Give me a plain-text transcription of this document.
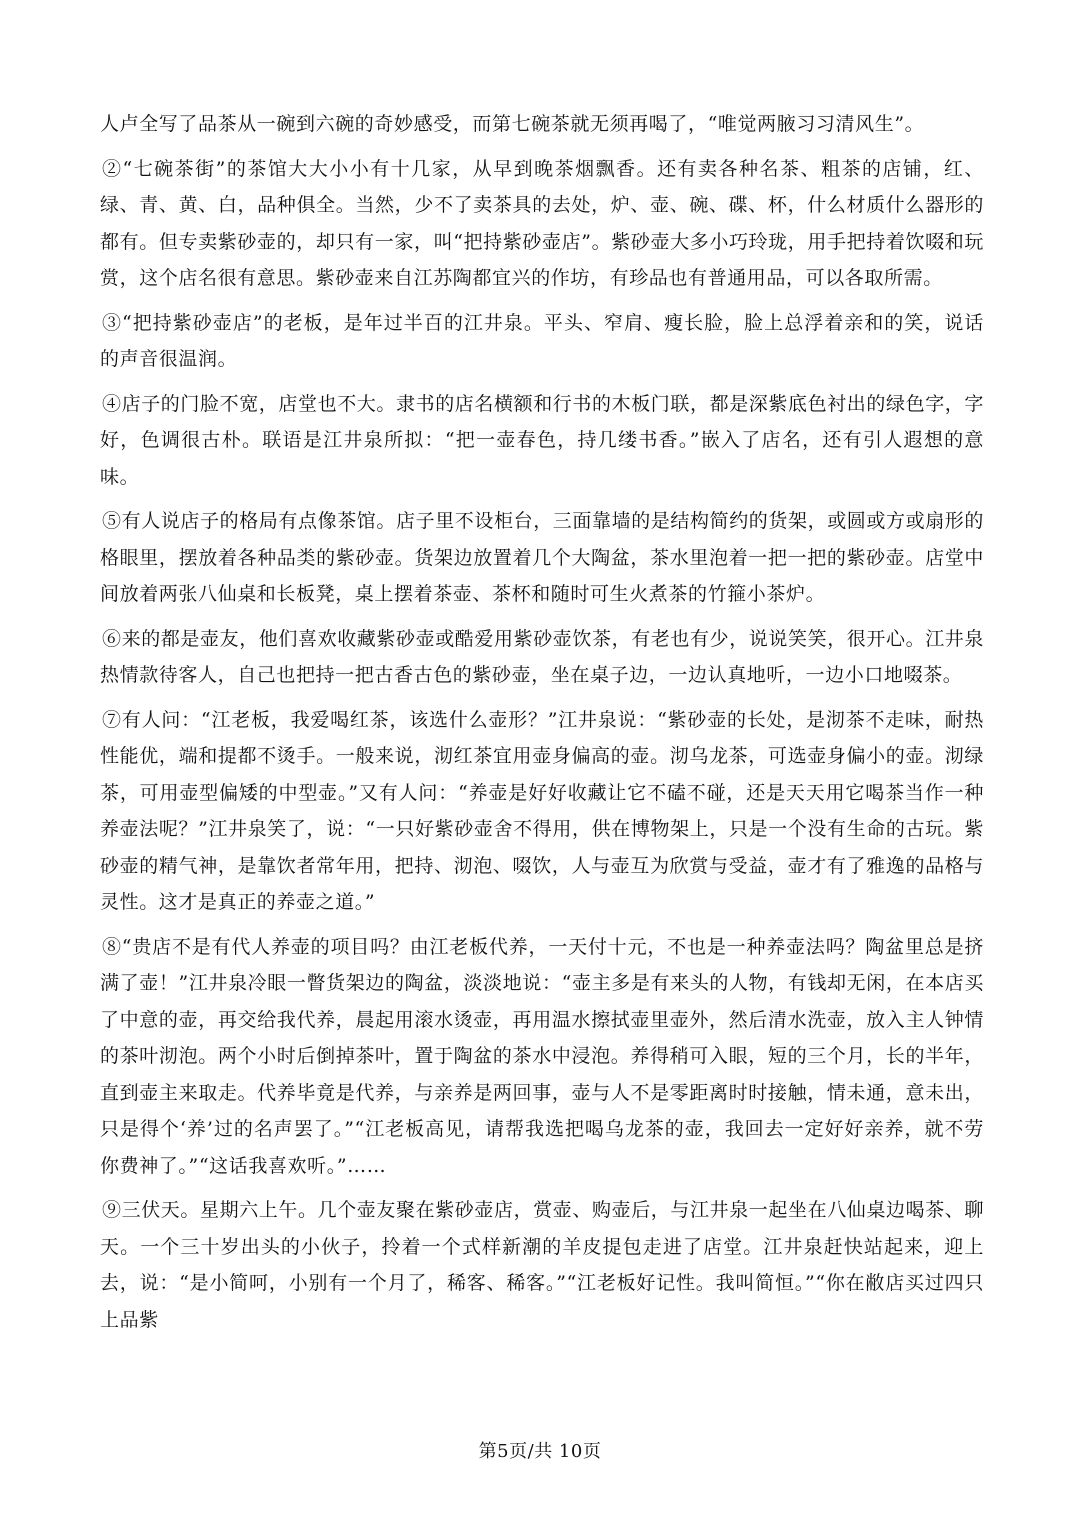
人卢全写了品茶从一碗到六碗的奇妙感受，而第七碗茶就无须再喝了，“唯觉两腋习习清风生”。

②“七碗茶街”的茶馆大大小小有十几家，从早到晚茶烟飘香。还有卖各种名茶、粗茶的店铺，红、绿、青、黄、白，品种俱全。当然，少不了卖茶具的去处，炉、壶、碗、碟、杯，什么材质什么器形的都有。但专卖紫砂壶的，却只有一家，叫“把持紫砂壶店”。紫砂壶大多小巧玲珑，用手把持着饮啜和玩赏，这个店名很有意思。紫砂壶来自江苏陶都宜兴的作坊，有珍品也有普通用品，可以各取所需。

③“把持紫砂壶店”的老板，是年过半百的江井泉。平头、窄肩、瘦长脸，脸上总浮着亲和的笑，说话的声音很温润。

④店子的门脸不宽，店堂也不大。隶书的店名横额和行书的木板门联，都是深紫底色衬出的绿色字，字好，色调很古朴。联语是江井泉所拟：“把一壶春色，持几缕书香。”嵌入了店名，还有引人遐想的意味。

⑤有人说店子的格局有点像茶馆。店子里不设柜台，三面靠墙的是结构简约的货架，或圆或方或扇形的格眼里，摆放着各种品类的紫砂壶。货架边放置着几个大陶盆，茶水里泡着一把一把的紫砂壶。店堂中间放着两张八仙桌和长板凳，桌上摆着茶壶、茶杯和随时可生火煮茶的竹箍小茶炉。

⑥来的都是壶友，他们喜欢收藏紫砂壶或酷爱用紫砂壶饮茶，有老也有少，说说笑笑，很开心。江井泉热情款待客人，自己也把持一把古香古色的紫砂壶，坐在桌子边，一边认真地听，一边小口地啜茶。

⑦有人问：“江老板，我爱喝红茶，该选什么壶形？”江井泉说：“紫砂壶的长处，是沏茶不走味，耐热性能优，端和提都不烫手。一般来说，沏红茶宜用壶身偏高的壶。沏乌龙茶，可选壶身偏小的壶。沏绿茶，可用壶型偏矮的中型壶。”又有人问：“养壶是好好收藏让它不磕不碰，还是天天用它喝茶当作一种养壶法呢？”江井泉笑了，说：“一只好紫砂壶舍不得用，供在博物架上，只是一个没有生命的古玩。紫砂壶的精气神，是靠饮者常年用，把持、沏泡、啜饮，人与壶互为欣赏与受益，壶才有了雅逸的品格与灵性。这才是真正的养壶之道。”

⑧“贵店不是有代人养壶的项目吗？由江老板代养，一天付十元，不也是一种养壶法吗？陶盆里总是挤满了壶！”江井泉冷眼一瞥货架边的陶盆，淡淡地说：“壶主多是有来头的人物，有钱却无闲，在本店买了中意的壶，再交给我代养，晨起用滚水烫壶，再用温水擦拭壶里壶外，然后清水洗壶，放入主人钟情的茶叶沏泡。两个小时后倒掉茶叶，置于陶盆的茶水中浸泡。养得稍可入眼，短的三个月，长的半年，直到壶主来取走。代养毕竟是代养，与亲养是两回事，壶与人不是零距离时时接触，情未通，意未出，只是得个‘养’过的名声罢了。”“江老板高见，请帮我选把喝乌龙茶的壶，我回去一定好好亲养，就不劳你费神了。”“这话我喜欢听。”……

⑨三伏天。星期六上午。几个壶友聚在紫砂壶店，赏壶、购壶后，与江井泉一起坐在八仙桌边喝茶、聊天。一个三十岁出头的小伙子，拎着一个式样新潮的羊皮提包走进了店堂。江井泉赶快站起来，迎上去，说：“是小简呵，小别有一个月了，稀客、稀客。”“江老板好记性。我叫简恒。”“你在敝店买过四只上品紫

第5页/共 10页
